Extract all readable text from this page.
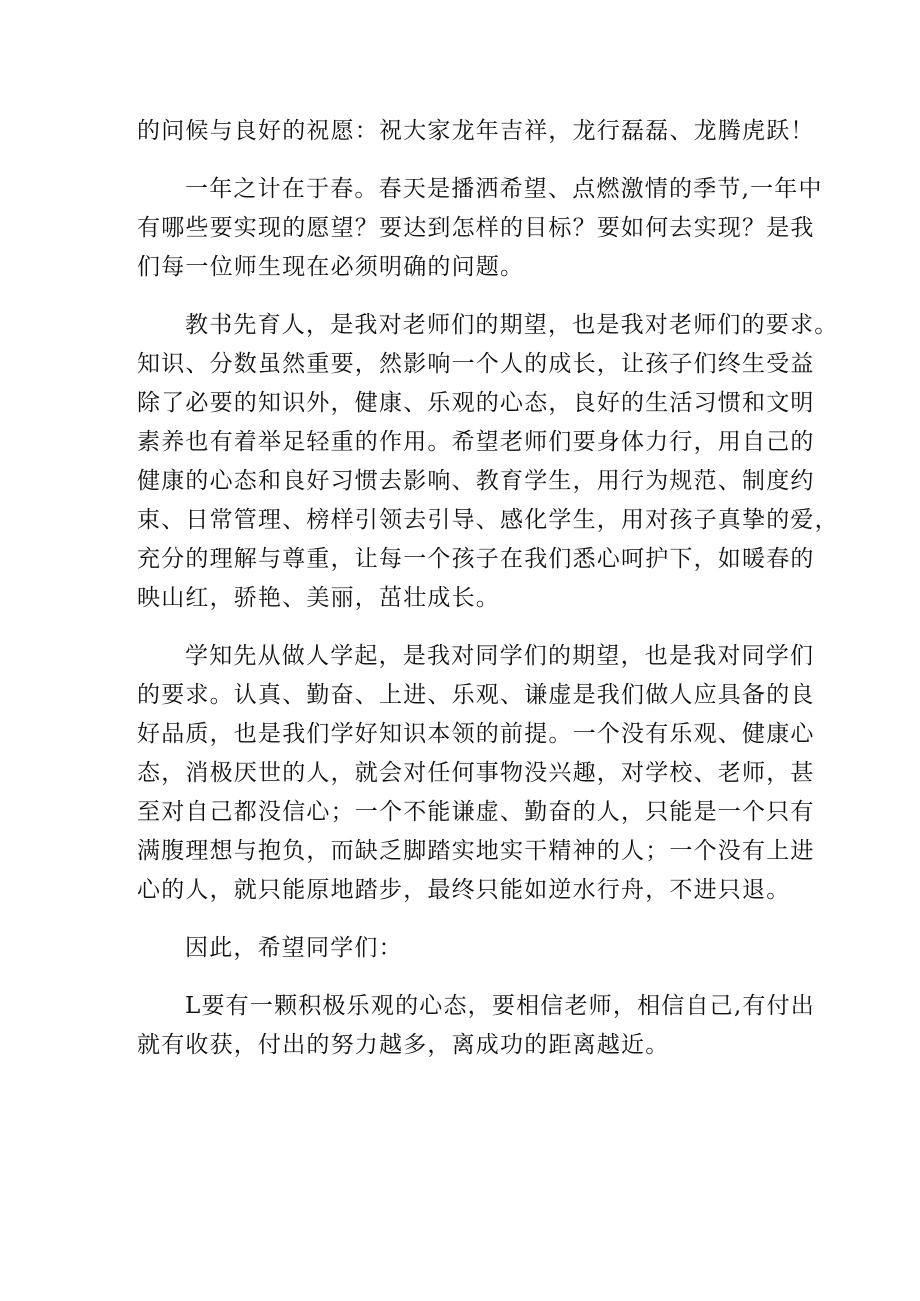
的问候与良好的祝愿：祝大家龙年吉祥，龙行磊磊、龙腾虎跃！
一年之计在于春。春天是播洒希望、点燃激情的季节,一年中
有哪些要实现的愿望？要达到怎样的目标？要如何去实现？是我
们每一位师生现在必须明确的问题。
教书先育人，是我对老师们的期望，也是我对老师们的要求。
知识、分数虽然重要，然影响一个人的成长，让孩子们终生受益
除了必要的知识外，健康、乐观的心态，良好的生活习惯和文明
素养也有着举足轻重的作用。希望老师们要身体力行，用自己的
健康的心态和良好习惯去影响、教育学生，用行为规范、制度约
束、日常管理、榜样引领去引导、感化学生，用对孩子真挚的爱，
充分的理解与尊重，让每一个孩子在我们悉心呵护下，如暖春的
映山红，骄艳、美丽，茁壮成长。
学知先从做人学起，是我对同学们的期望，也是我对同学们
的要求。认真、勤奋、上进、乐观、谦虚是我们做人应具备的良
好品质，也是我们学好知识本领的前提。一个没有乐观、健康心
态，消极厌世的人，就会对任何事物没兴趣，对学校、老师，甚
至对自己都没信心；一个不能谦虚、勤奋的人，只能是一个只有
满腹理想与抱负，而缺乏脚踏实地实干精神的人；一个没有上进
心的人，就只能原地踏步，最终只能如逆水行舟，不进只退。
因此，希望同学们：
L要有一颗积极乐观的心态，要相信老师，相信自己,有付出
就有收获，付出的努力越多，离成功的距离越近。
